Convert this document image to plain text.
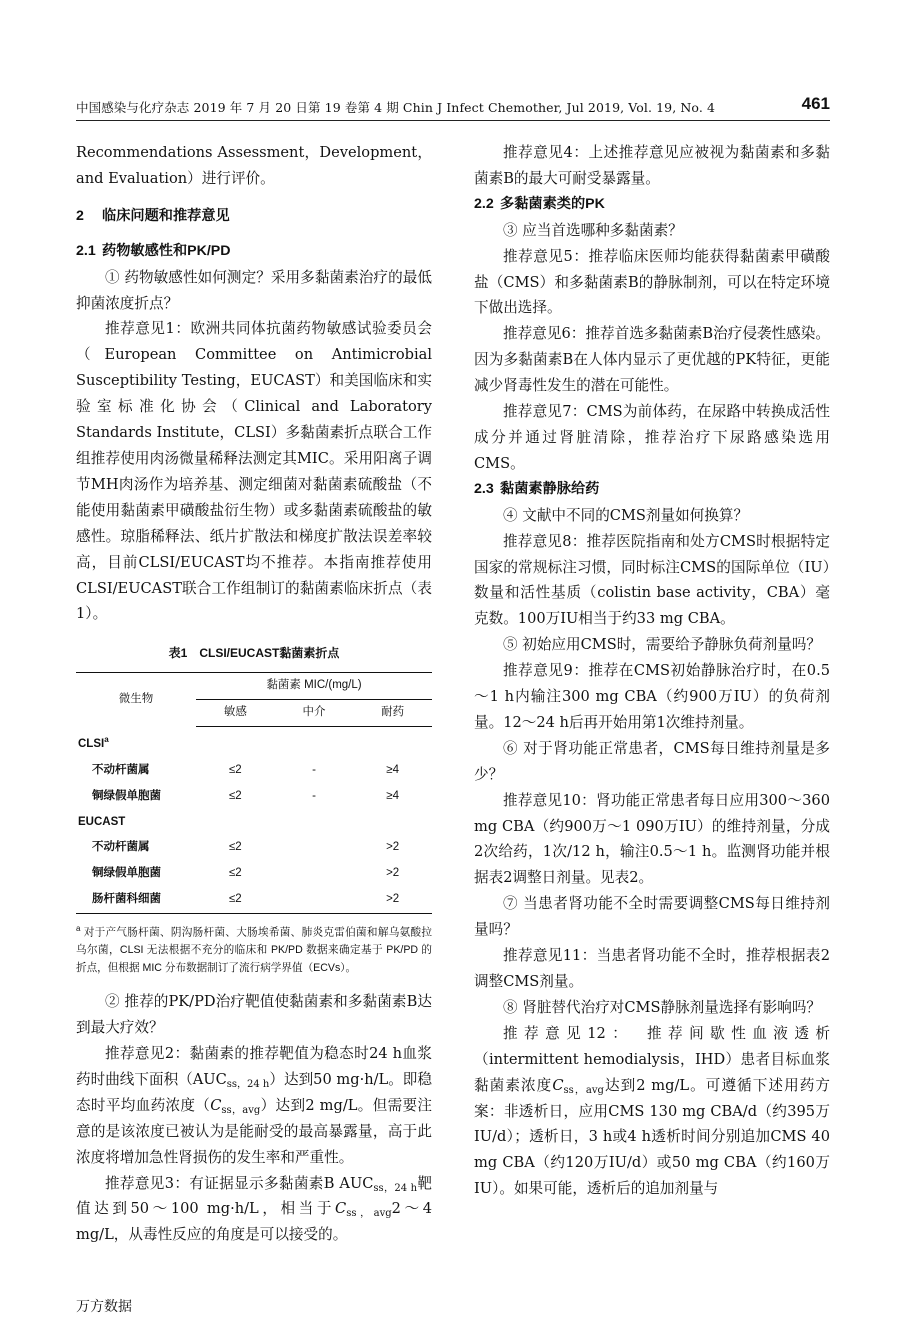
中国感染与化疗杂志 2019 年 7 月 20 日第 19 卷第 4 期 Chin J Infect Chemother, Jul 2019, Vol. 19, No. 4	461

Recommendations Assessment，Development，and Evaluation）进行评价。

2 临床问题和推荐意见

2.1 药物敏感性和PK/PD

① 药物敏感性如何测定？采用多黏菌素治疗的最低抑菌浓度折点？

推荐意见1：欧洲共同体抗菌药物敏感试验委员会（European Committee on Antimicrobial Susceptibility Testing，EUCAST）和美国临床和实验室标准化协会（Clinical and Laboratory Standards Institute，CLSI）多黏菌素折点联合工作组推荐使用肉汤微量稀释法测定其MIC。采用阳离子调节MH肉汤作为培养基、测定细菌对黏菌素硫酸盐（不能使用黏菌素甲磺酸盐衍生物）或多黏菌素硫酸盐的敏感性。琼脂稀释法、纸片扩散法和梯度扩散法误差率较高，目前CLSI/EUCAST均不推荐。本指南推荐使用CLSI/EUCAST联合工作组制订的黏菌素临床折点（表1）。

表1　CLSI/EUCAST黏菌素折点
微生物	黏菌素 MIC/(mg/L)		
	敏感	中介	耐药
CLSI$^a$
不动杆菌属	≤2	-	≥4
铜绿假单胞菌	≤2	-	≥4
EUCAST			
不动杆菌属	≤2		>2
铜绿假单胞菌	≤2		>2
肠杆菌科细菌	≤2		>2

$^a$ 对于产气肠杆菌、阴沟肠杆菌、大肠埃希菌、肺炎克雷伯菌和解乌氨酸拉乌尔菌，CLSI 无法根据不充分的临床和 PK/PD 数据来确定基于 PK/PD 的折点，但根据 MIC 分布数据制订了流行病学界值（ECVs）。

② 推荐的PK/PD治疗靶值使黏菌素和多黏菌素B达到最大疗效？

推荐意见2：黏菌素的推荐靶值为稳态时24 h血浆药时曲线下面积$(AUC_{ss,24 h})$达到50 mg·h/L。即稳态时平均血药浓度$(C_{ss,avg})$达到2 mg/L。但需要注意的是该浓度已被认为是能耐受的最高暴露量，高于此浓度将增加急性肾损伤的发生率和严重性。

推荐意见3：有证据显示多黏菌素B $AUC_{ss,24 h}$靶值达到50～100 mg·h/L，相当于$C_{ss,avg}2\sim 4$ mg/L，从毒性反应的角度是可以接受的。

推荐意见4：上述推荐意见应被视为黏菌素和多黏菌素B的最大可耐受暴露量。

2.2 多黏菌素类的PK

③ 应当首选哪种多黏菌素？

推荐意见5：推荐临床医师均能获得黏菌素甲磺酸盐（CMS）和多黏菌素B的静脉制剂，可以在特定环境下做出选择。

推荐意见6：推荐首选多黏菌素B治疗侵袭性感染。因为多黏菌素B在人体内显示了更优越的PK特征，更能减少肾毒性发生的潜在可能性。

推荐意见7：CMS为前体药，在尿路中转换成活性成分并通过肾脏清除，推荐治疗下尿路感染选用CMS。

2.3 黏菌素静脉给药

④ 文献中不同的CMS剂量如何换算？

推荐意见8：推荐医院指南和处方CMS时根据特定国家的常规标注习惯，同时标注CMS的国际单位（IU）数量和活性基质（colistin base activity，CBA）毫克数。100万IU相当于约33 mg CBA。

⑤ 初始应用CMS时，需要给予静脉负荷剂量吗？

推荐意见9：推荐在CMS初始静脉治疗时，在0.5～1 h内输注300 mg CBA（约900万IU）的负荷剂量。12～24 h后再开始用第1次维持剂量。

⑥ 对于肾功能正常患者，CMS每日维持剂量是多少？

推荐意见10：肾功能正常患者每日应用300～360 mg CBA（约900万～1 090万IU）的维持剂量，分成2次给药，1次/12 h，输注0.5～1 h。监测肾功能并根据表2调整日剂量。见表2。

⑦ 当患者肾功能不全时需要调整CMS每日维持剂量吗？

推荐意见11：当患者肾功能不全时，推荐根据表2调整CMS剂量。

⑧ 肾脏替代治疗对CMS静脉剂量选择有影响吗？

推荐意见12：　推荐间歇性血液透析（intermittent hemodialysis，IHD）患者目标血浆黏菌素浓度$C_{ss,avg}$达到2 mg/L。可遵循下述用药方案：非透析日，应用CMS 130 mg CBA/d（约395万IU/d）；透析日，3 h或4 h透析时间分别追加CMS 40 mg CBA（约120万IU/d）或50 mg CBA（约160万IU）。如果可能，透析后的追加剂量与

万方数据
